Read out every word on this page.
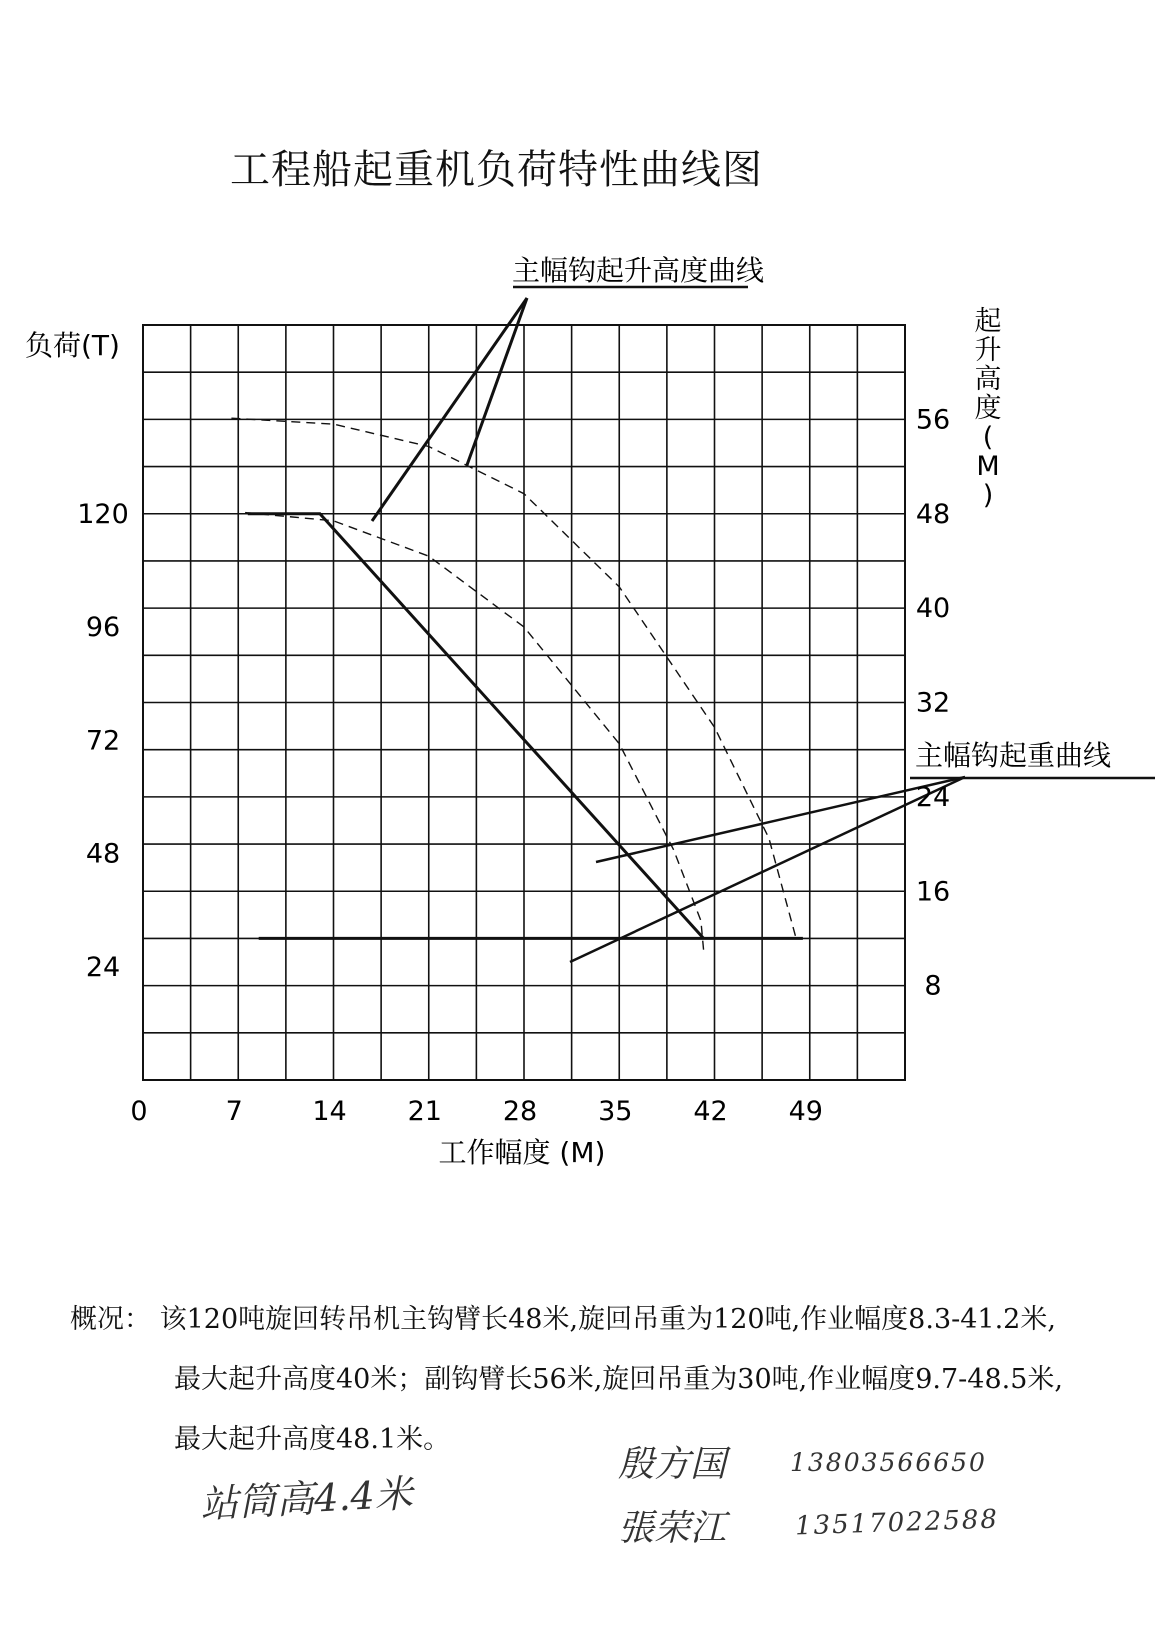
工程船起重机负荷特性曲线图
0	7	14 21 28 35 42 49
24
48
72
96
120
8
16
24
32
40
48
56
工作幅度 (M)
负荷(T)
起升高度( M )
主幅钩起升高度曲线
主幅钩起重曲线
概况： 该120吨旋回转吊机主钩臂长48米,旋回吊重为120吨,作业幅度8.3-41.2米,
最大起升高度40米；副钩臂长56米,旋回吊重为30吨,作业幅度9.7-48.5米,
最大起升高度48.1米。
站筒高4.4米
殷方国	13803566650
張荣江	13517022588
